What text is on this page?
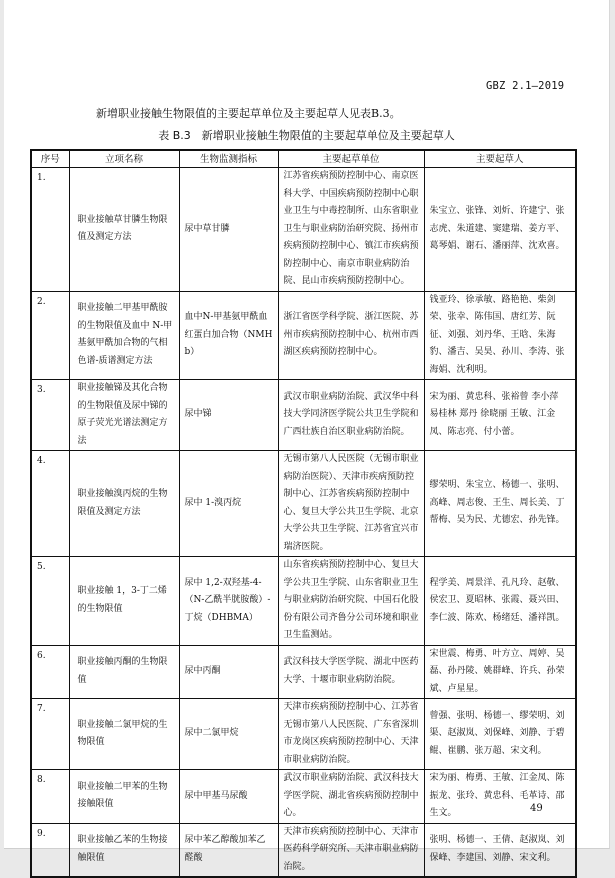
GBZ 2.1—2019
新增职业接触生物限值的主要起草单位及主要起草人见表B.3。
表 B.3　新增职业接触生物限值的主要起草单位及主要起草人
序号	立项名称	生物监测指标	主要起草单位	主要起草人
1.	职业接触草甘膦生物限值及测定方法	尿中草甘膦	江苏省疾病预防控制中心、南京医科大学、中国疾病预防控制中心职业卫生与中毒控制所、山东省职业卫生与职业病防治研究院、扬州市疾病预防控制中心、镇江市疾病预防控制中心、南京市职业病防治院、昆山市疾病预防控制中心。	朱宝立、张锋、刘炘、许建宁、张志虎、朱道建、窦建瑞、姜方平、葛琴娟、谢石、潘丽萍、沈欢喜。
2.	职业接触二甲基甲酰胺的生物限值及血中 N-甲基氨甲酰加合物的气相色谱-质谱测定方法	血中N-甲基氨甲酰血红蛋白加合物（NMHb）	浙江省医学科学院、浙江医院、苏州市疾病预防控制中心、杭州市西湖区疾病预防控制中心。	钱亚玲、徐承敏、路艳艳、柴剑荣、张幸、陈伟国、唐红芳、阮征、刘强、刘丹华、王晗、朱海豹、潘吉、吴昊、孙川、李涛、张海娟、沈利明。
3.	职业接触锑及其化合物的生物限值及尿中锑的原子荧光光谱法测定方法	尿中锑	武汉市职业病防治院、武汉华中科技大学同济医学院公共卫生学院和广西壮族自治区职业病防治院。	宋为丽、黄忠科、张裕曾 李小萍 易桂林 郑丹 徐晓丽 王敏、江金凤、陈志亮、付小蕾。
4.	职业接触溴丙烷的生物限值及测定方法	尿中 1-溴丙烷	无锡市第八人民医院（无锡市职业病防治医院）、天津市疾病预防控制中心、江苏省疾病预防控制中心、复旦大学公共卫生学院、北京大学公共卫生学院、江苏省宜兴市瑞济医院。	缪荣明、朱宝立、杨德一、张明、高峰、周志俊、王生、周长美、丁帮梅、吴为民、尤德宏、孙先锋。
5.	职业接触 1，3-丁二烯的生物限值	尿中 1,2-双羟基-4-（N-乙酰半胱胺酸）-丁烷（DHBMA）	山东省疾病预防控制中心、复旦大学公共卫生学院、山东省职业卫生与职业病防治研究院、中国石化股份有限公司齐鲁分公司环境和职业卫生监测站。	程学美、周景洋、孔凡玲、赵敬、侯宏卫、夏昭林、张霞、聂兴田、李仁波、陈欢、杨绪廷、潘祥凯。
6.	职业接触丙酮的生物限值	尿中丙酮	武汉科技大学医学院、湖北中医药大学、十堰市职业病防治院。	宋世震、梅勇、叶方立、周婷、吴磊、孙丹陵、姚群峰、许兵、孙荣斌、卢星星。
7.	职业接触二氯甲烷的生物限值	尿中二氯甲烷	天津市疾病预防控制中心、江苏省无锡市第八人民医院、广东省深圳市龙岗区疾病预防控制中心、天津市职业病防治院。	曾强、张明、杨德一、缪荣明、刘渠、赵淑岚、刘保峰、刘静、于碧鲲、崔鹏、张万超、宋文利。
8.	职业接触二甲苯的生物接触限值	尿中甲基马尿酸	武汉市职业病防治院、武汉科技大学医学院、湖北省疾病预防控制中心。	宋为丽、梅勇、王敏、江金凤、陈振龙、张玲、黄忠科、毛革诗、邵生文。
9.	职业接触乙苯的生物接触限值	尿中苯乙醇酸加苯乙醛酸	天津市疾病预防控制中心、天津市医药科学研究所、天津市职业病防治院。	张明、杨德一、王倩、赵淑岚、刘保峰、李建国、刘静、宋文利。
49
